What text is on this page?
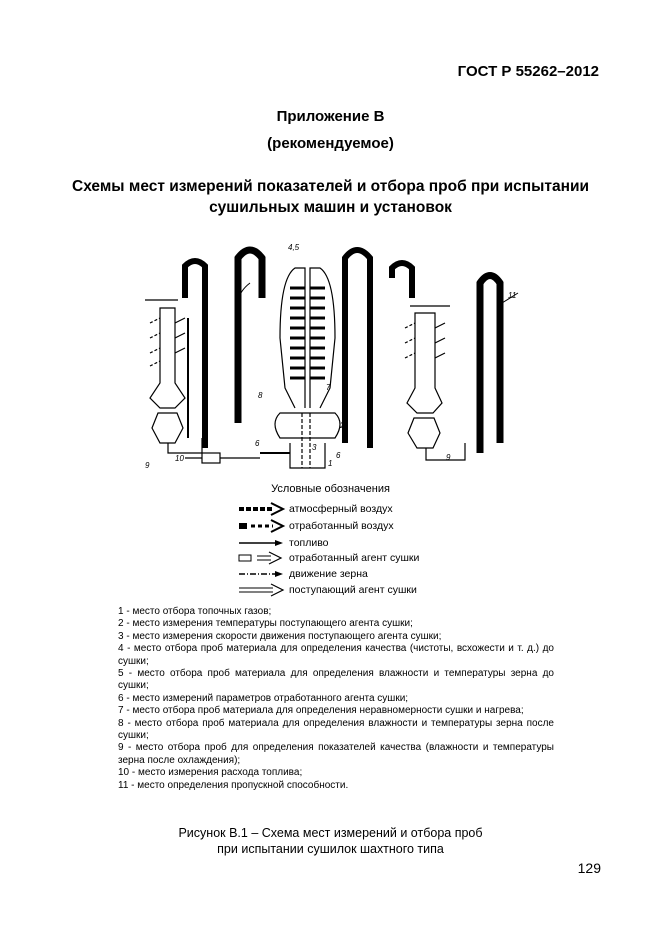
ГОСТ Р 55262–2012
Приложение В
(рекомендуемое)
Схемы мест измерений показателей и отбора проб при испытании
сушильных машин и установок
4,5
11
9
9
10
1
2
3
6
6
7
8
Условные обозначения
атмосферный воздух
отработанный воздух
топливо
отработанный агент сушки
движение зерна
поступающий агент сушки
1 - место отбора топочных газов;
2 - место измерения температуры поступающего агента сушки;
3 - место измерения скорости движения поступающего агента сушки;
4 - место отбора проб материала для определения качества (чистоты, всхожести и т. д.) до сушки;
5 - место отбора проб материала для определения влажности и температуры зерна до сушки;
6 - место измерений параметров отработанного агента сушки;
7 - место отбора проб материала для определения неравномерности сушки и нагрева;
8 - место отбора проб материала для определения влажности и температуры зерна после сушки;
9 - место отбора проб для определения показателей качества (влажности и температуры зерна после охлаждения);
10 - место измерения расхода топлива;
11 - место определения пропускной способности.
Рисунок В.1 – Схема мест измерений и отбора проб
при испытании сушилок шахтного типа
129
